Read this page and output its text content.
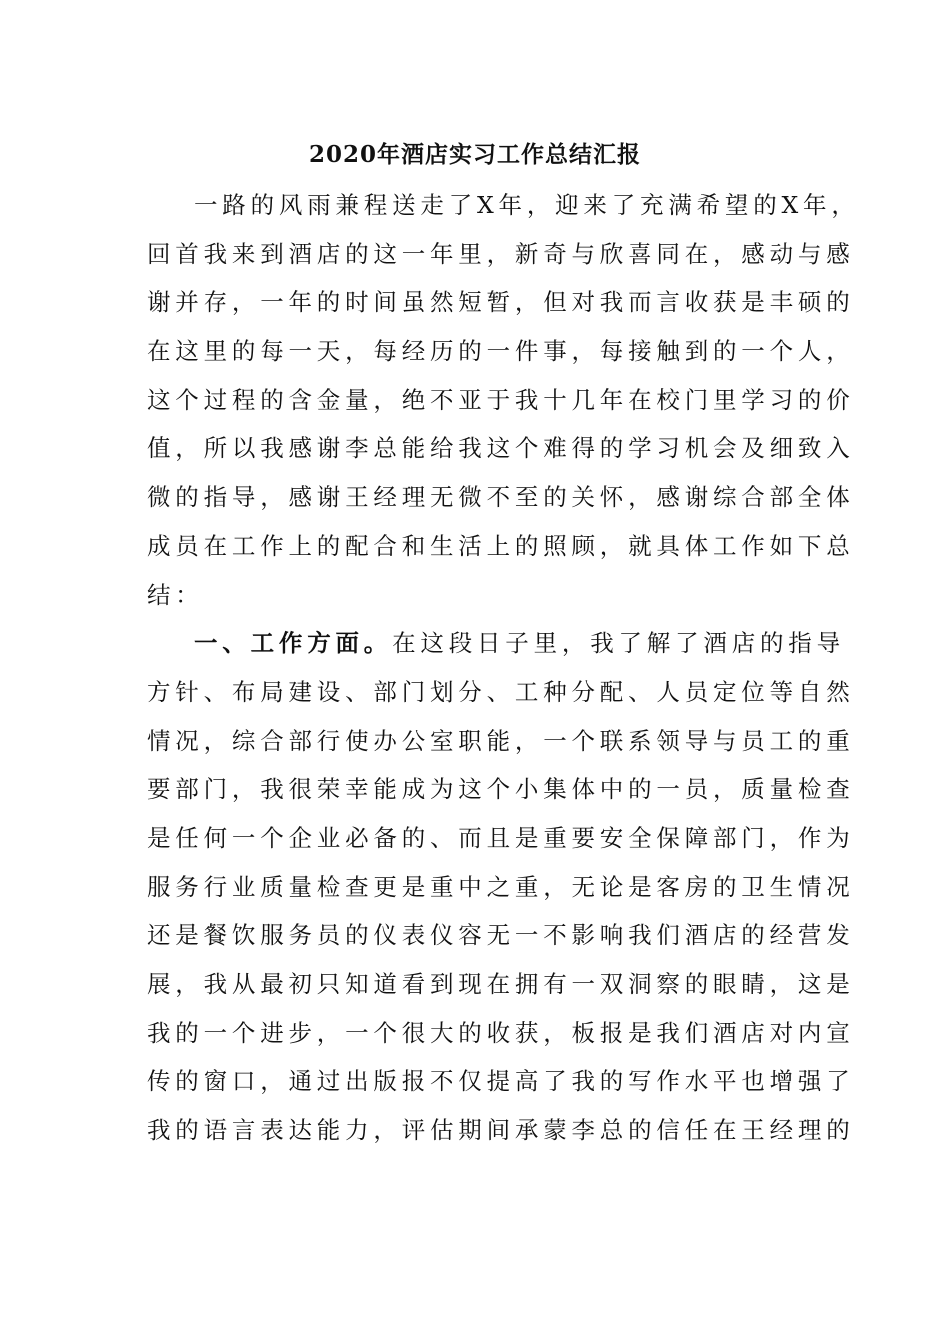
2020年酒店实习工作总结汇报
一路的风雨兼程送走了X年，迎来了充满希望的X年，
回首我来到酒店的这一年里，新奇与欣喜同在，感动与感
谢并存，一年的时间虽然短暂，但对我而言收获是丰硕的
在这里的每一天，每经历的一件事，每接触到的一个人，
这个过程的含金量，绝不亚于我十几年在校门里学习的价
值，所以我感谢李总能给我这个难得的学习机会及细致入
微的指导，感谢王经理无微不至的关怀，感谢综合部全体
成员在工作上的配合和生活上的照顾，就具体工作如下总
结：
一、工作方面。在这段日子里，我了解了酒店的指导
方针、布局建设、部门划分、工种分配、人员定位等自然
情况，综合部行使办公室职能，一个联系领导与员工的重
要部门，我很荣幸能成为这个小集体中的一员，质量检查
是任何一个企业必备的、而且是重要安全保障部门，作为
服务行业质量检查更是重中之重，无论是客房的卫生情况
还是餐饮服务员的仪表仪容无一不影响我们酒店的经营发
展，我从最初只知道看到现在拥有一双洞察的眼睛，这是
我的一个进步，一个很大的收获，板报是我们酒店对内宣
传的窗口，通过出版报不仅提高了我的写作水平也增强了
我的语言表达能力，评估期间承蒙李总的信任在王经理的
